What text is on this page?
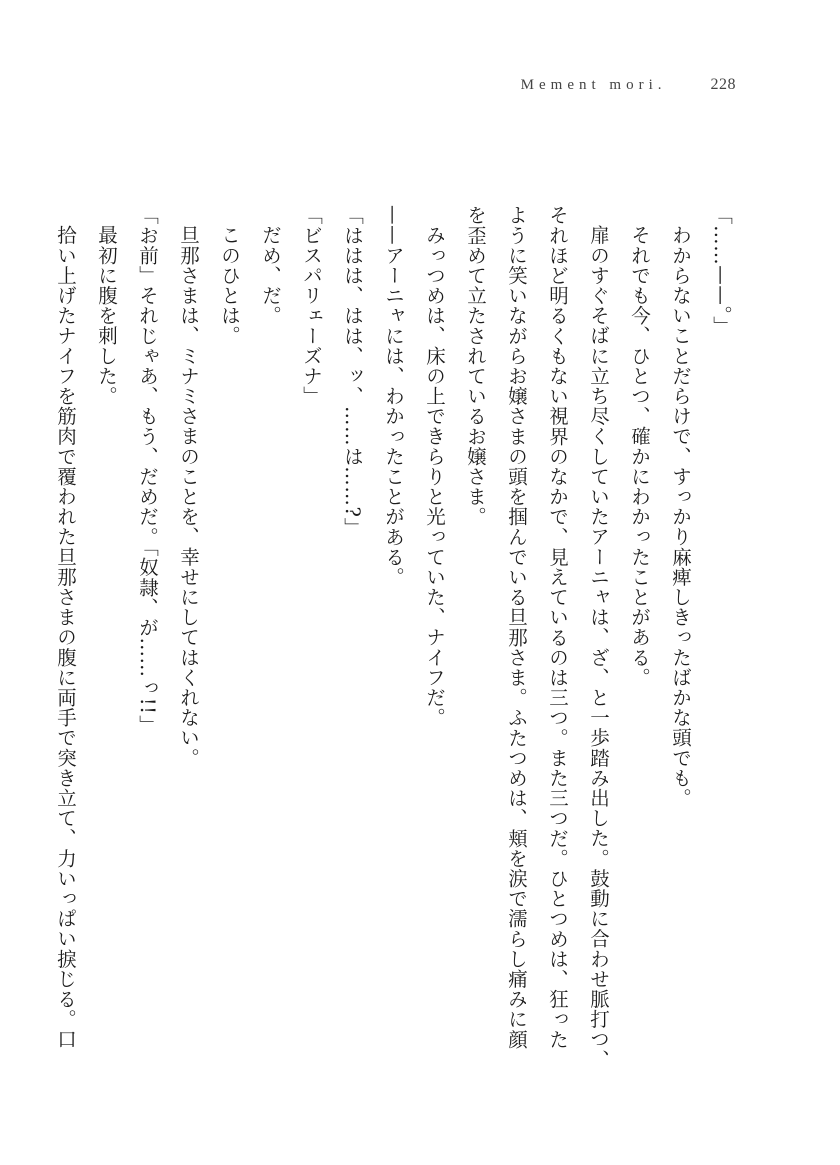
Mement mori.	228

「……——。」

わからないことだらけで、すっかり麻痺しきったばかな頭でも。

それでも今、ひとつ、確かにわかったことがある。

扉のすぐそばに立ち尽くしていたアーニャは、ざ、と一歩踏み出した。鼓動に合わせ脈打つ、

それほど明るくもない視界のなかで、見えているのは三つ。また三つだ。ひとつめは、狂った

ように笑いながらお嬢さまの頭を掴んでいる旦那さま。ふたつめは、頬を涙で濡らし痛みに顔

を歪めて立たされているお嬢さま。

みっつめは、床の上できらりと光っていた、ナイフだ。

——アーニャには、わかったことがある。

「ははは、はは、ッ、……は……?」

「ビスパリェーズナ」

だめ、だ。

このひとは。

旦那さまは、ミナミさまのことを、幸せにしてはくれない。

「お前」それじゃあ、もう、だめだ。「奴隷、が……っ!!」

最初に腹を刺した。

拾い上げたナイフを筋肉で覆われた旦那さまの腹に両手で突き立て、力いっぱい捩じる。口
